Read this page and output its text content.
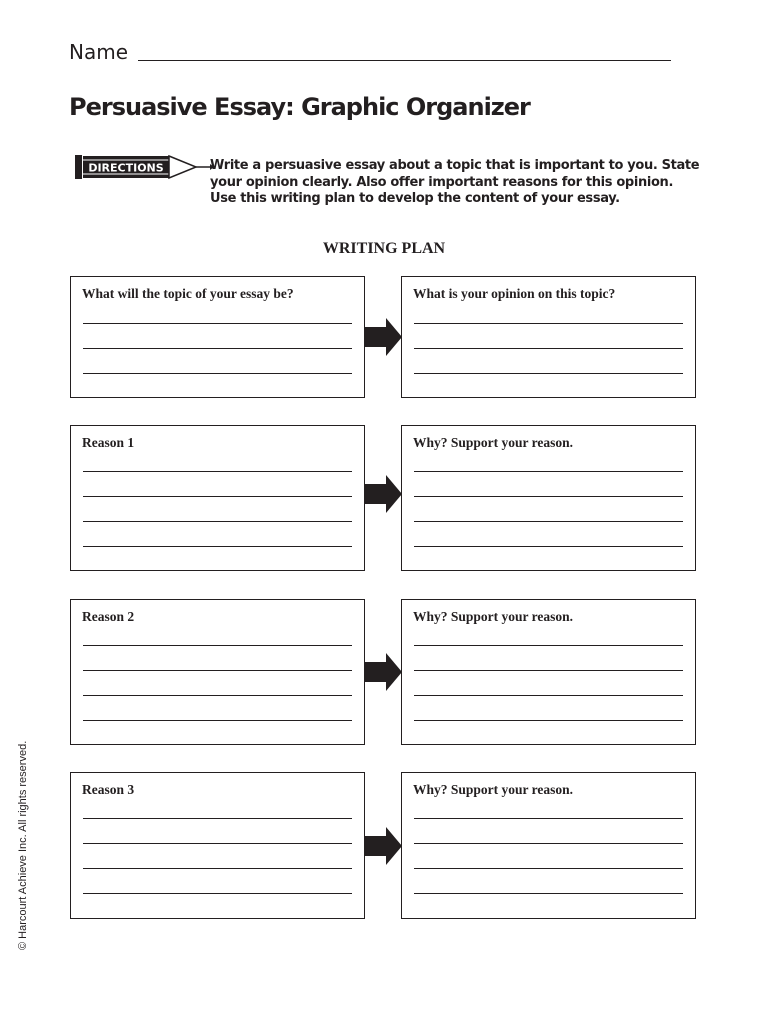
Name
Persuasive Essay: Graphic Organizer
DIRECTIONS	Write a persuasive essay about a topic that is important to you. State your opinion clearly. Also offer important reasons for this opinion. Use this writing plan to develop the content of your essay.

WRITING PLAN
What will the topic of your essay be?	What is your opinion on this topic?
Reason 1	Why? Support your reason.
Reason 2	Why? Support your reason.
Reason 3	Why? Support your reason.
© Harcourt Achieve Inc. All rights reserved.
